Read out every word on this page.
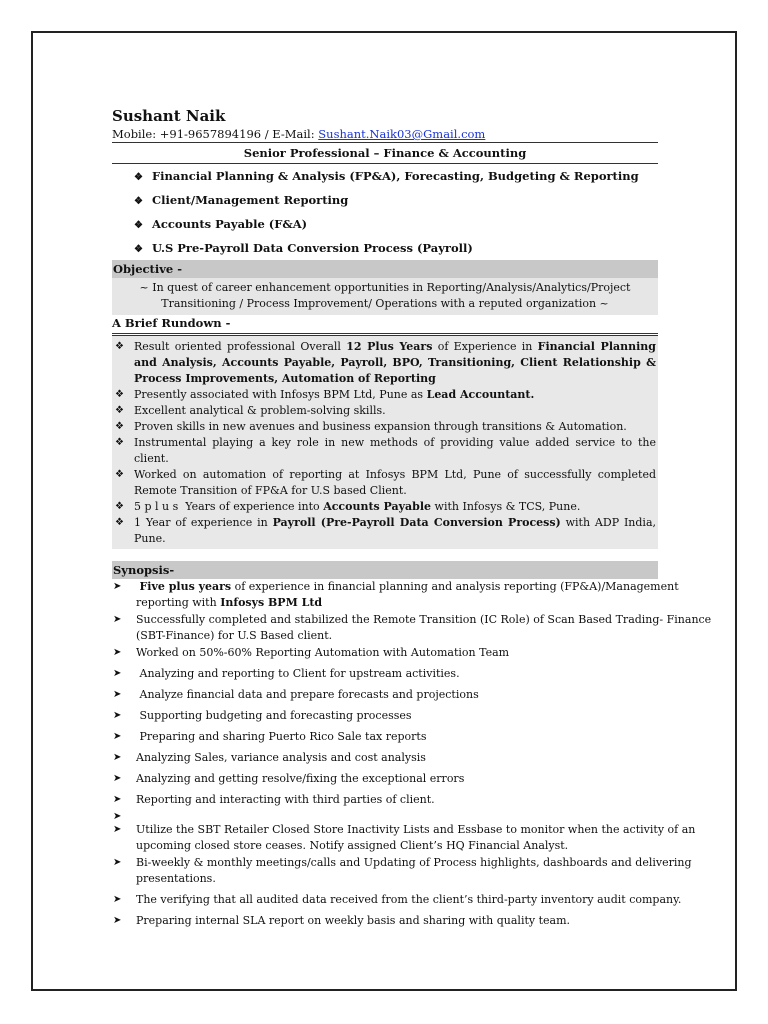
Sushant Naik
Mobile: +91-9657894196 / E-Mail: Sushant.Naik03@Gmail.com
Senior Professional – Finance & Accounting
❖ Financial Planning & Analysis (FP&A), Forecasting, Budgeting & Reporting
❖ Client/Management Reporting
❖ Accounts Payable (F&A)
❖ U.S Pre-Payroll Data Conversion Process (Payroll)
Objective -
~ In quest of career enhancement opportunities in Reporting/Analysis/Analytics/Project
Transitioning / Process Improvement/ Operations with a reputed organization ~
A Brief Rundown -
❖ Result oriented professional Overall 12 Plus Years of Experience in Financial Planning and Analysis, Accounts Payable, Payroll, BPO, Transitioning, Client Relationship & Process Improvements, Automation of Reporting
❖ Presently associated with Infosys BPM Ltd, Pune as Lead Accountant.
❖ Excellent analytical & problem-solving skills.
❖ Proven skills in new avenues and business expansion through transitions & Automation.
❖ Instrumental playing a key role in new methods of providing value added service to the client.
❖ Worked on automation of reporting at Infosys BPM Ltd, Pune of successfully completed Remote Transition of FP&A for U.S based Client.
❖ 5 p l u s  Years of experience into Accounts Payable with Infosys & TCS, Pune.
❖ 1 Year of experience in Payroll (Pre-Payroll Data Conversion Process) with ADP India, Pune.
Synopsis-
➤ Five plus years of experience in financial planning and analysis reporting (FP&A)/Management reporting with Infosys BPM Ltd
➤ Successfully completed and stabilized the Remote Transition (IC Role) of Scan Based Trading- Finance (SBT-Finance) for U.S Based client.
➤ Worked on 50%-60% Reporting Automation with Automation Team
➤ Analyzing and reporting to Client for upstream activities.
➤ Analyze financial data and prepare forecasts and projections
➤ Supporting budgeting and forecasting processes
➤ Preparing and sharing Puerto Rico Sale tax reports
➤ Analyzing Sales, variance analysis and cost analysis
➤ Analyzing and getting resolve/fixing the exceptional errors
➤ Reporting and interacting with third parties of client.
➤
➤ Utilize the SBT Retailer Closed Store Inactivity Lists and Essbase to monitor when the activity of an upcoming closed store ceases. Notify assigned Client’s HQ Financial Analyst.
➤ Bi-weekly & monthly meetings/calls and Updating of Process highlights, dashboards and delivering presentations.
➤ The verifying that all audited data received from the client’s third-party inventory audit company.
➤ Preparing internal SLA report on weekly basis and sharing with quality team.
